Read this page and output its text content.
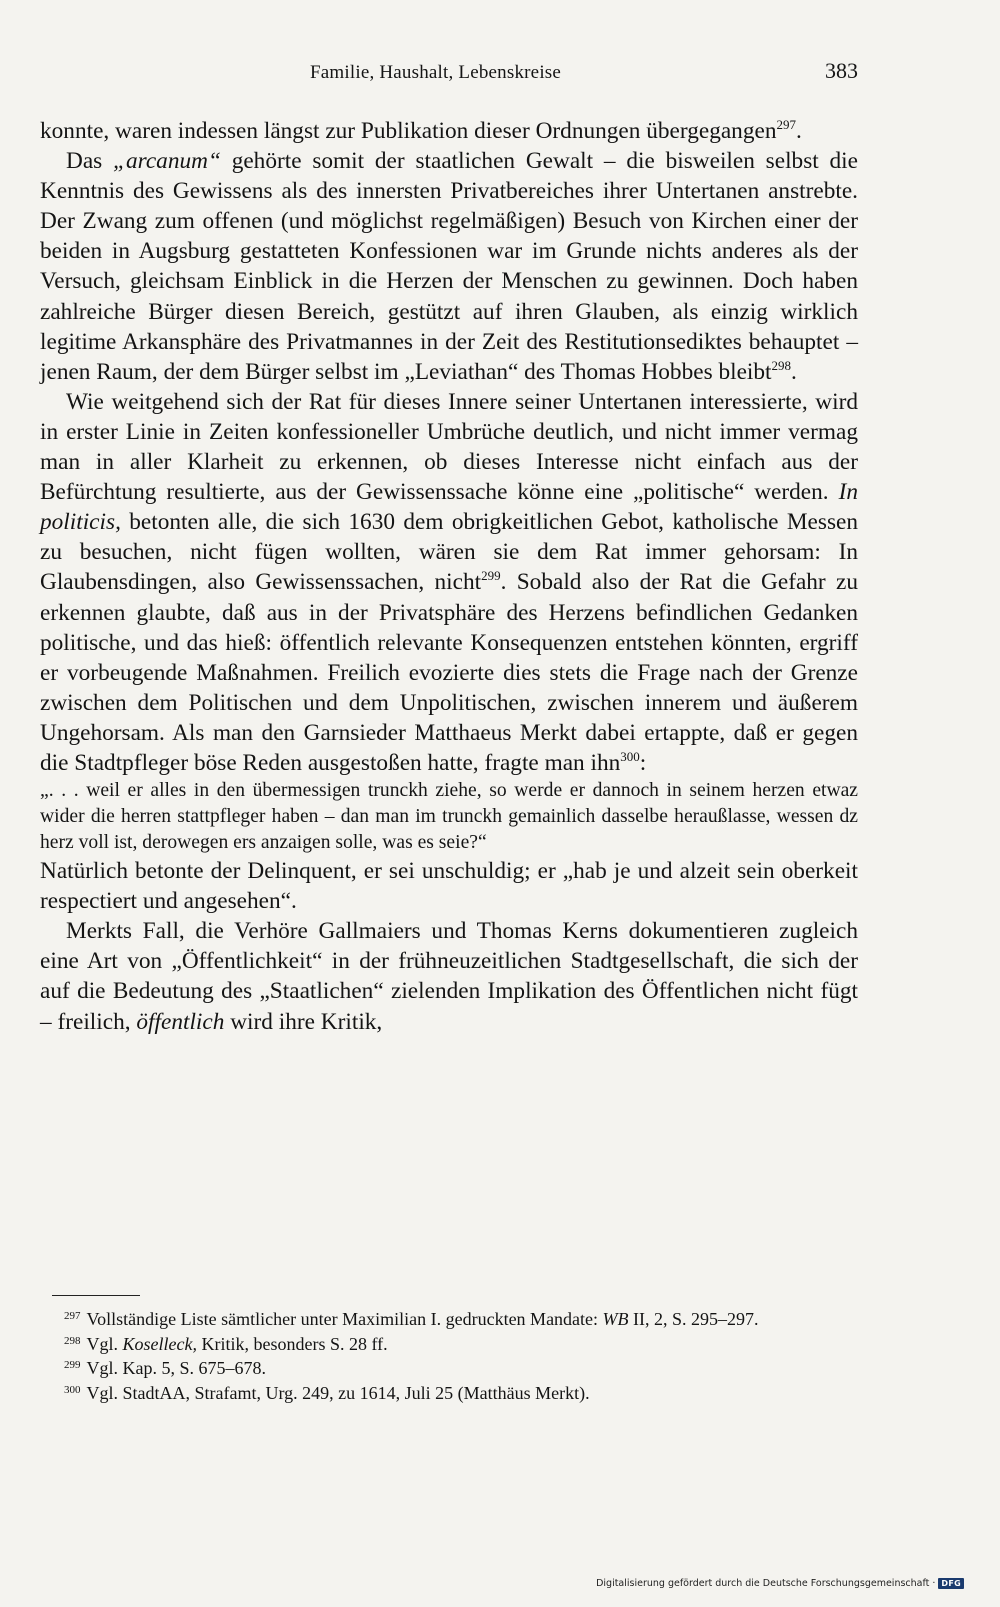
Familie, Haushalt, Lebenskreise	383

konnte, waren indessen längst zur Publikation dieser Ordnungen übergegangen$^{297}$.

Das „arcanum“ gehörte somit der staatlichen Gewalt – die bisweilen selbst die Kenntnis des Gewissens als des innersten Privatbereiches ihrer Untertanen anstrebte. Der Zwang zum offenen (und möglichst regelmäßigen) Besuch von Kirchen einer der beiden in Augsburg gestatteten Konfessionen war im Grunde nichts anderes als der Versuch, gleichsam Einblick in die Herzen der Menschen zu gewinnen. Doch haben zahlreiche Bürger diesen Bereich, gestützt auf ihren Glauben, als einzig wirklich legitime Arkansphäre des Privatmannes in der Zeit des Restitutionsediktes behauptet – jenen Raum, der dem Bürger selbst im „Leviathan“ des Thomas Hobbes bleibt$^{298}$.

Wie weitgehend sich der Rat für dieses Innere seiner Untertanen interessierte, wird in erster Linie in Zeiten konfessioneller Umbrüche deutlich, und nicht immer vermag man in aller Klarheit zu erkennen, ob dieses Interesse nicht einfach aus der Befürchtung resultierte, aus der Gewissenssache könne eine „politische“ werden. In politicis, betonten alle, die sich 1630 dem obrigkeitlichen Gebot, katholische Messen zu besuchen, nicht fügen wollten, wären sie dem Rat immer gehorsam: In Glaubensdingen, also Gewissenssachen, nicht$^{299}$. Sobald also der Rat die Gefahr zu erkennen glaubte, daß aus in der Privatsphäre des Herzens befindlichen Gedanken politische, und das hieß: öffentlich relevante Konsequenzen entstehen könnten, ergriff er vorbeugende Maßnahmen. Freilich evozierte dies stets die Frage nach der Grenze zwischen dem Politischen und dem Unpolitischen, zwischen innerem und äußerem Ungehorsam. Als man den Garnsieder Matthaeus Merkt dabei ertappte, daß er gegen die Stadtpfleger böse Reden ausgestoßen hatte, fragte man ihn$^{300}$:

„. . . weil er alles in den übermessigen trunckh ziehe, so werde er dannoch in seinem herzen etwaz wider die herren stattpfleger haben – dan man im trunckh gemainlich dasselbe heraußlasse, wessen dz herz voll ist, derowegen ers anzaigen solle, was es seie?“

Natürlich betonte der Delinquent, er sei unschuldig; er „hab je und alzeit sein oberkeit respectiert und angesehen“.

Merkts Fall, die Verhöre Gallmaiers und Thomas Kerns dokumentieren zugleich eine Art von „Öffentlichkeit“ in der frühneuzeitlichen Stadtgesellschaft, die sich der auf die Bedeutung des „Staatlichen“ zielenden Implikation des Öffentlichen nicht fügt – freilich, öffentlich wird ihre Kritik,

$^{297}$ Vollständige Liste sämtlicher unter Maximilian I. gedruckten Mandate: WB II, 2, S. 295–297.

$^{298}$ Vgl. Koselleck, Kritik, besonders S. 28 ff.

$^{299}$ Vgl. Kap. 5, S. 675–678.

$^{300}$ Vgl. StadtAA, Strafamt, Urg. 249, zu 1614, Juli 25 (Matthäus Merkt).

Digitalisierung gefördert durch die Deutsche Forschungsgemeinschaft · DFG
